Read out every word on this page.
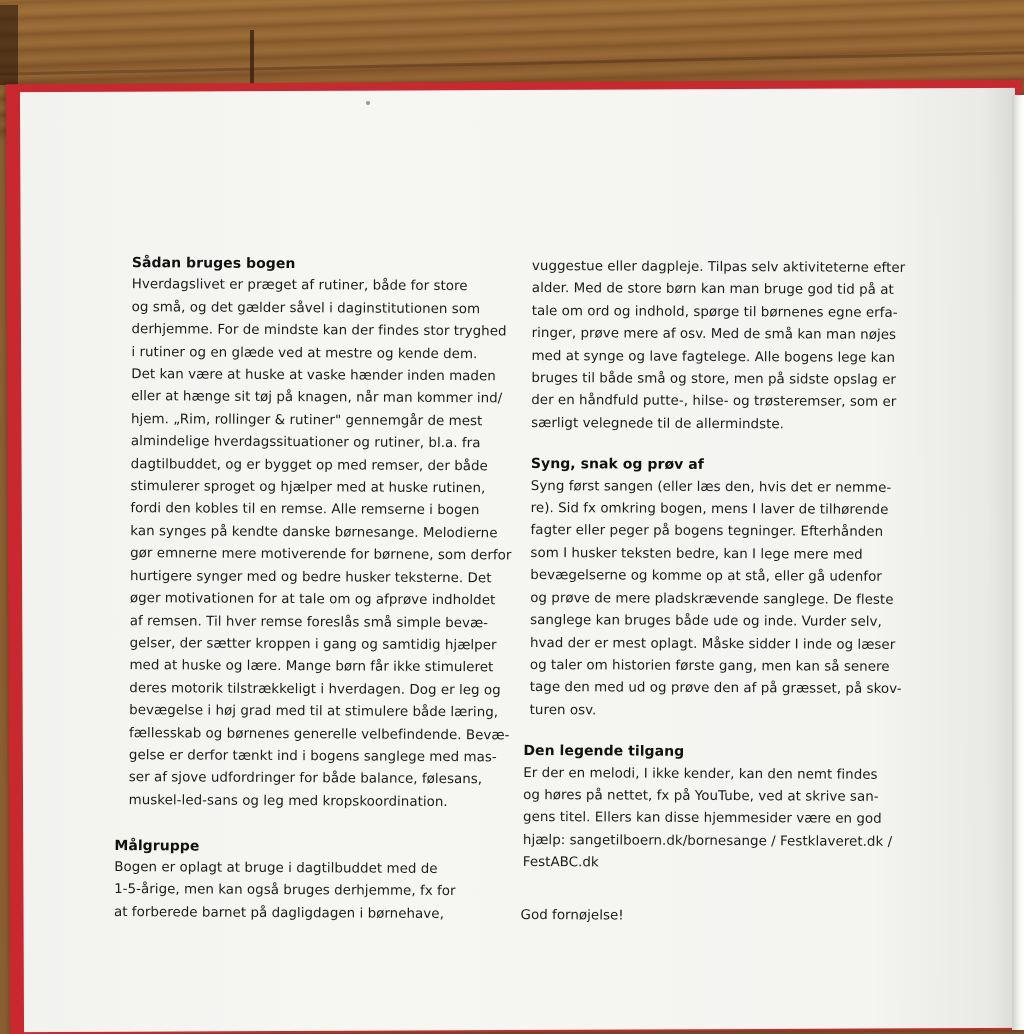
Sådan bruges bogen
Hverdagslivet er præget af rutiner, både for store
og små, og det gælder såvel i daginstitutionen som
derhjemme. For de mindste kan der findes stor tryghed
i rutiner og en glæde ved at mestre og kende dem.
Det kan være at huske at vaske hænder inden maden
eller at hænge sit tøj på knagen, når man kommer ind/
hjem. „Rim, rollinger & rutiner" gennemgår de mest
almindelige hverdagssituationer og rutiner, bl.a. fra
dagtilbuddet, og er bygget op med remser, der både
stimulerer sproget og hjælper med at huske rutinen,
fordi den kobles til en remse. Alle remserne i bogen
kan synges på kendte danske børnesange. Melodierne
gør emnerne mere motiverende for børnene, som derfor
hurtigere synger med og bedre husker teksterne. Det
øger motivationen for at tale om og afprøve indholdet
af remsen. Til hver remse foreslås små simple bevæ-
gelser, der sætter kroppen i gang og samtidig hjælper
med at huske og lære. Mange børn får ikke stimuleret
deres motorik tilstrækkeligt i hverdagen. Dog er leg og
bevægelse i høj grad med til at stimulere både læring,
fællesskab og børnenes generelle velbefindende. Bevæ-
gelse er derfor tænkt ind i bogens sanglege med mas-
ser af sjove udfordringer for både balance, følesans,
muskel-led-sans og leg med kropskoordination.
Målgruppe
Bogen er oplagt at bruge i dagtilbuddet med de
1-5-årige, men kan også bruges derhjemme, fx for
at forberede barnet på dagligdagen i børnehave,
vuggestue eller dagpleje. Tilpas selv aktiviteterne efter
alder. Med de store børn kan man bruge god tid på at
tale om ord og indhold, spørge til børnenes egne erfa-
ringer, prøve mere af osv. Med de små kan man nøjes
med at synge og lave fagtelege. Alle bogens lege kan
bruges til både små og store, men på sidste opslag er
der en håndfuld putte-, hilse- og trøsteremser, som er
særligt velegnede til de allermindste.
Syng, snak og prøv af
Syng først sangen (eller læs den, hvis det er nemme-
re). Sid fx omkring bogen, mens I laver de tilhørende
fagter eller peger på bogens tegninger. Efterhånden
som I husker teksten bedre, kan I lege mere med
bevægelserne og komme op at stå, eller gå udenfor
og prøve de mere pladskrævende sanglege. De fleste
sanglege kan bruges både ude og inde. Vurder selv,
hvad der er mest oplagt. Måske sidder I inde og læser
og taler om historien første gang, men kan så senere
tage den med ud og prøve den af på græsset, på skov-
turen osv.
Den legende tilgang
Er der en melodi, I ikke kender, kan den nemt findes
og høres på nettet, fx på YouTube, ved at skrive san-
gens titel. Ellers kan disse hjemmesider være en god
hjælp: sangetilboern.dk/bornesange / Festklaveret.dk /
FestABC.dk
God fornøjelse!
